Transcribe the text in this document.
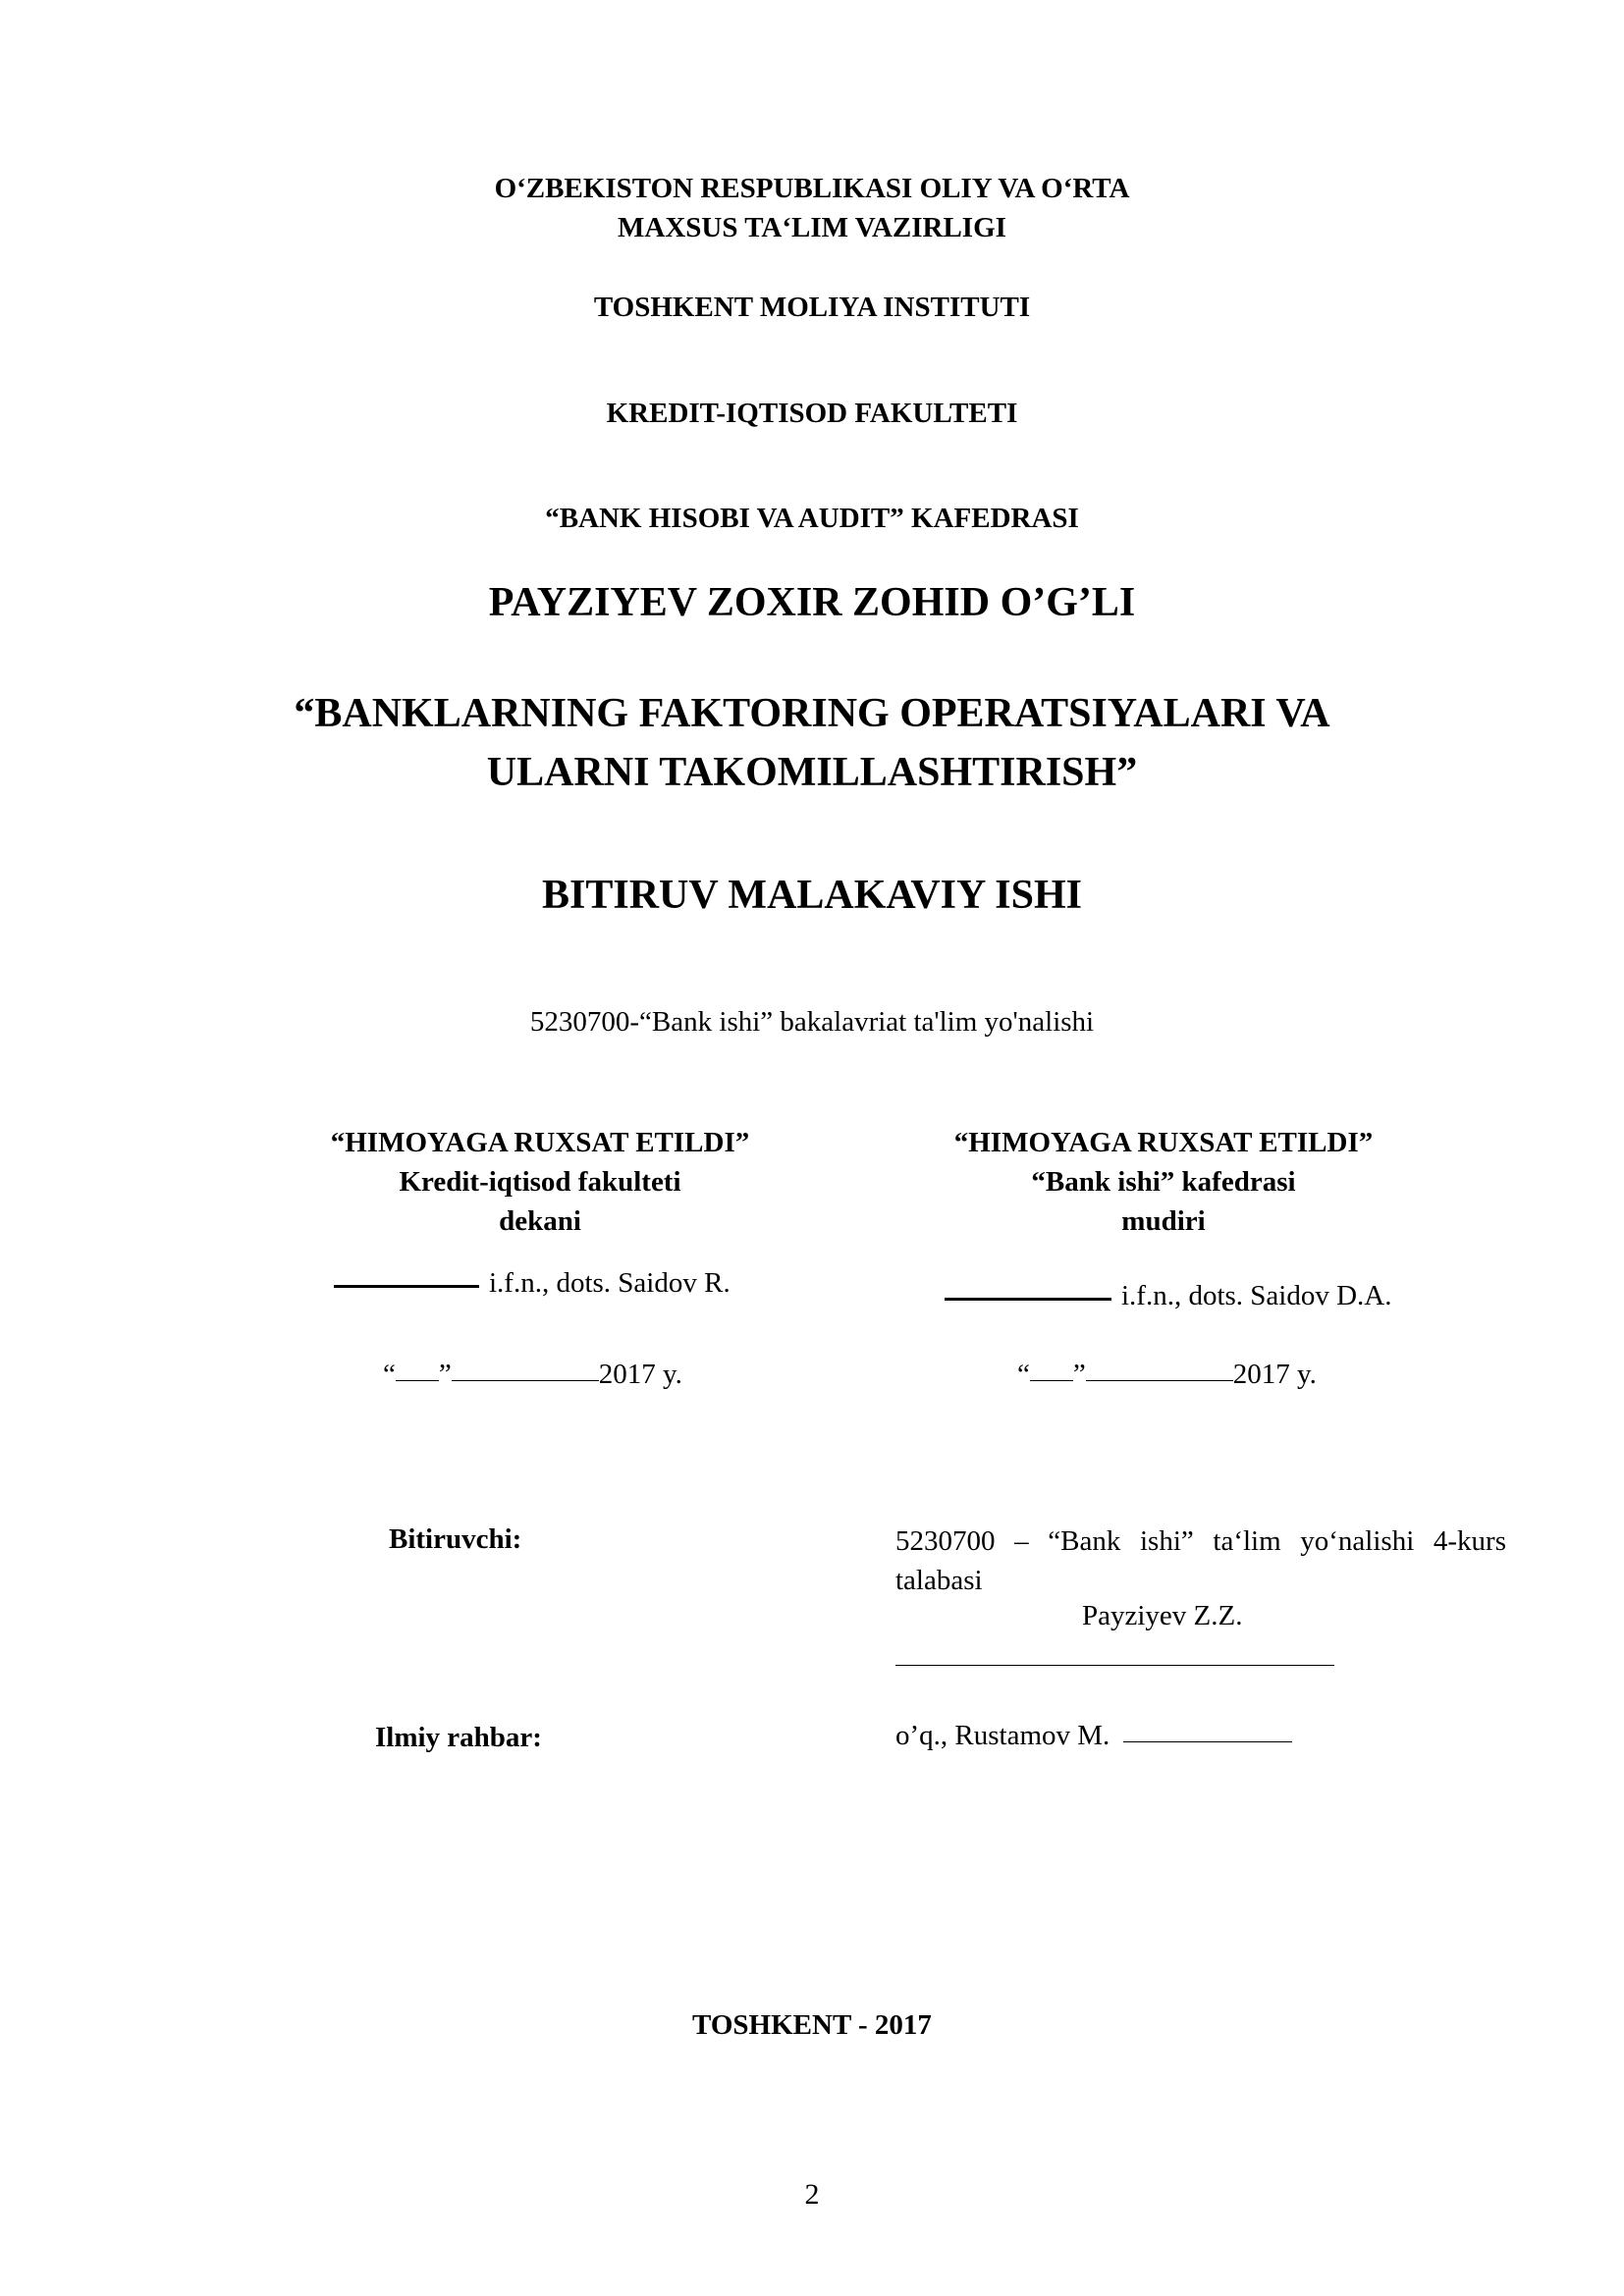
O‘ZBEKISTON RESPUBLIKASI OLIY VA O‘RTA
MAXSUS TA‘LIM VAZIRLIGI
TOSHKENT MOLIYA INSTITUTI
KREDIT-IQTISOD FAKULTETI
“BANK HISOBI VA AUDIT” KAFEDRASI
PAYZIYEV ZOXIR ZOHID O’G’LI
“BANKLARNING FAKTORING OPERATSIYALARI VA
ULARNI TAKOMILLASHTIRISH”
BITIRUV MALAKAVIY ISHI
5230700-“Bank ishi” bakalavriat ta'lim yo'nalishi
“HIMOYAGA RUXSAT ETILDI”
Kredit-iqtisod fakulteti
dekani
i.f.n., dots. Saidov R.
“ ”	2017 y.
“HIMOYAGA RUXSAT ETILDI”
“Bank ishi” kafedrasi
mudiri
i.f.n., dots. Saidov D.A.
“ ”	2017 y.
Bitiruvchi:	5230700 – “Bank ishi” ta‘lim yo‘nalishi 4-kurs talabasi
Payziyev Z.Z.
Ilmiy rahbar:	o’q., Rustamov M.
TOSHKENT - 2017
2
